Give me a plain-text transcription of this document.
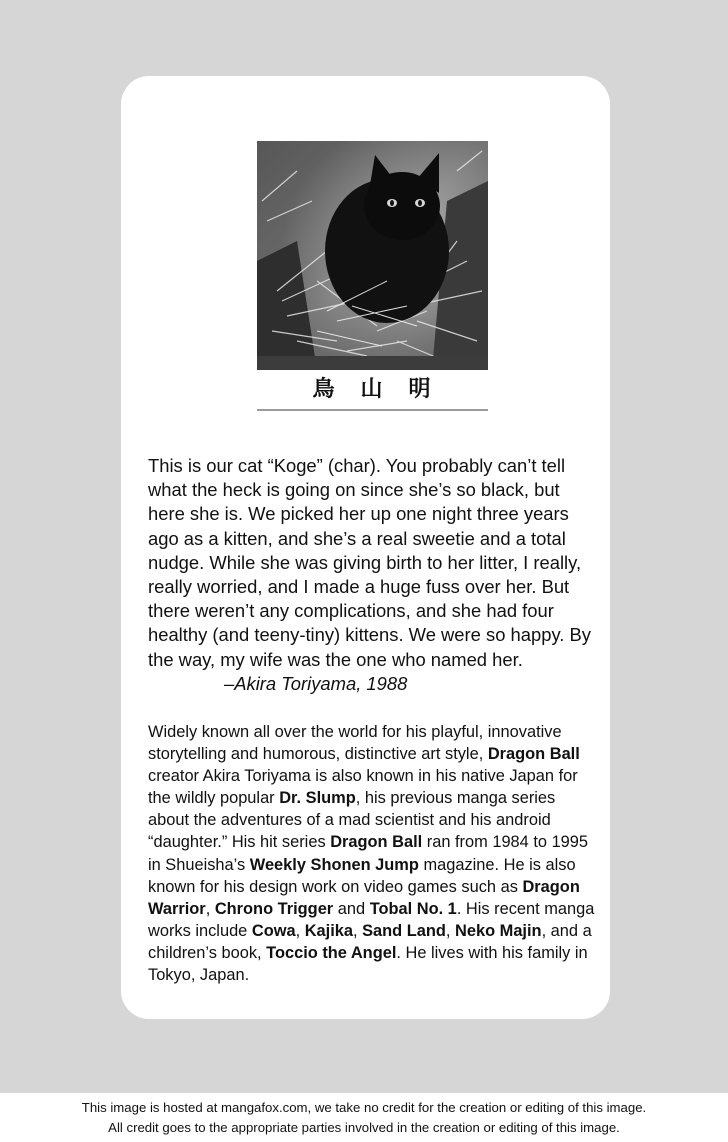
鳥　山　明
This is our cat “Koge” (char). You probably can’t tell what the heck is going on since she’s so black, but here she is. We picked her up one night three years ago as a kitten, and she’s a real sweetie and a total nudge. While she was giving birth to her litter, I really, really worried, and I made a huge fuss over her. But there weren’t any complications, and she had four healthy (and teeny-tiny) kittens. We were so happy. By the way, my wife was the one who named her.
–Akira Toriyama, 1988
Widely known all over the world for his playful, innovative storytelling and humorous, distinctive art style, Dragon Ball creator Akira Toriyama is also known in his native Japan for the wildly popular Dr. Slump, his previous manga series about the adventures of a mad scientist and his android “daughter.” His hit series Dragon Ball ran from 1984 to 1995 in Shueisha’s Weekly Shonen Jump magazine. He is also known for his design work on video games such as Dragon Warrior, Chrono Trigger and Tobal No. 1. His recent manga works include Cowa, Kajika, Sand Land, Neko Majin, and a children’s book, Toccio the Angel. He lives with his family in Tokyo, Japan.
This image is hosted at mangafox.com, we take no credit for the creation or editing of this image.
All credit goes to the appropriate parties involved in the creation or editing of this image.
